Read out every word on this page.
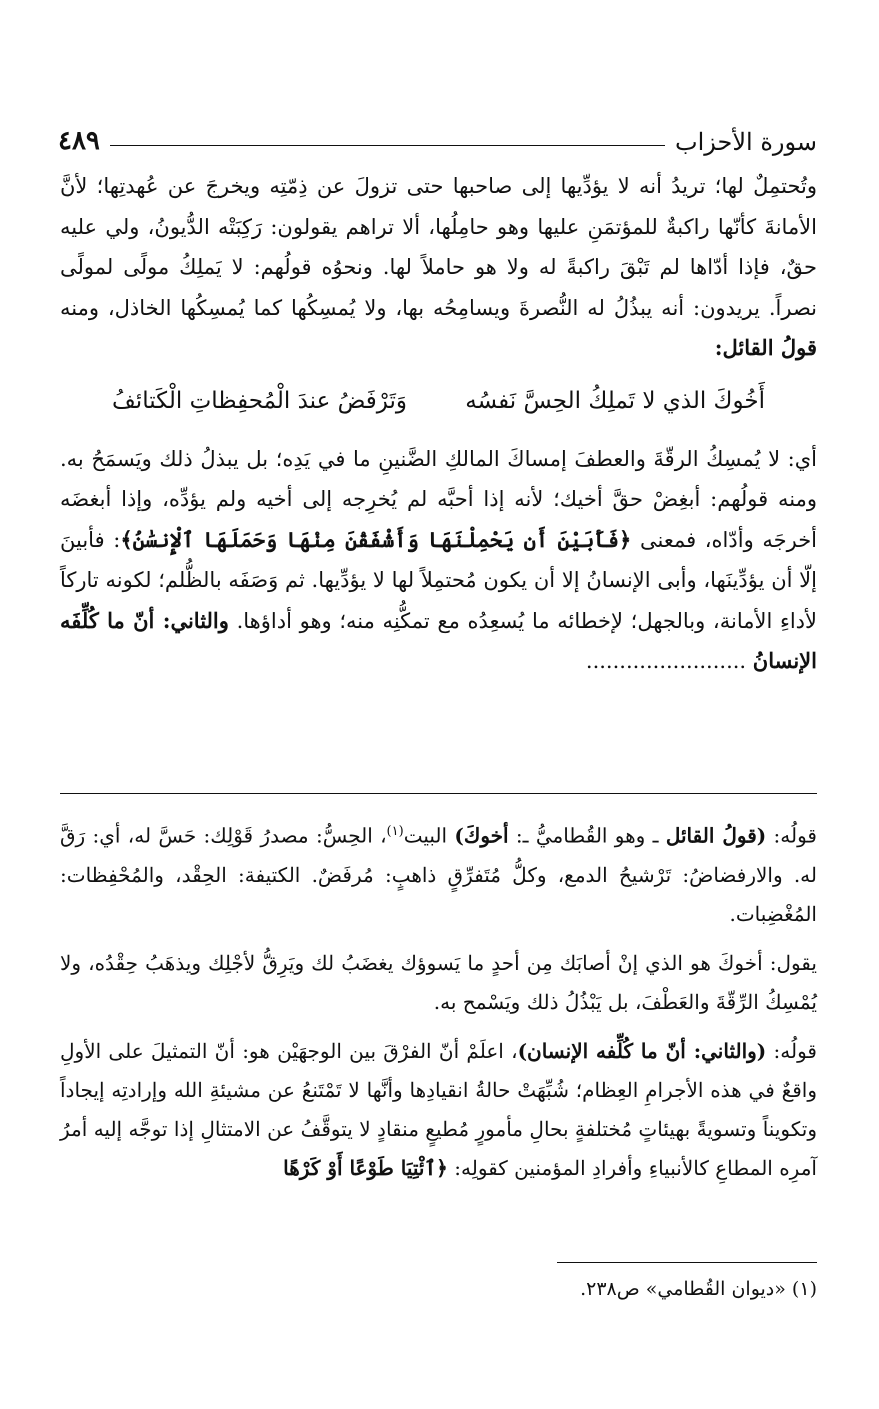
سورة الأحزاب
٤٨٩

وتُحتمِلٌ لها؛ تريدُ أنه لا يؤدِّيها إلى صاحبها حتى تزولَ عن ذِمّتِه ويخرجَ عن عُهدتِها؛ لأنَّ الأمانةَ كأنّها راكبةٌ للمؤتمَنِ عليها وهو حامِلُها، ألا تراهم يقولون: رَكِبَتْه الدُّيونُ، ولي عليه حقٌ، فإذا أدّاها لم تَبْقَ راكبةً له ولا هو حاملاً لها. ونحوُه قولُهم: لا يَملِكُ مولًى لمولًى نصراً. يريدون: أنه يبذُلُ له النُّصرةَ ويسامِحُه بها، ولا يُمسِكُها كما يُمسِكُها الخاذل، ومنه قولُ القائل:

أَخُوكَ الذي لا تَملِكُ الحِسَّ نَفسُه
وَتَرْفَضُ عندَ الْمُحفِظاتِ الْكَتائفُ

أي: لا يُمسِكُ الرقّةَ والعطفَ إمساكَ المالكِ الضَّنينِ ما في يَدِه؛ بل يبذلُ ذلك ويَسمَحُ به. ومنه قولُهم: أبغِضْ حقَّ أخيك؛ لأنه إذا أحبَّه لم يُخرِجه إلى أخيه ولم يؤدِّه، وإذا أبغضَه أخرجَه وأدّاه، فمعنى ﴿فَأَبَيْنَ أَن يَحْمِلْنَهَا وَأَشْفَقْنَ مِنْهَا وَحَمَلَهَا ٱلْإِنسَٰنُ﴾: فأبينَ إلّا أن يؤدِّينَها، وأبى الإنسانُ إلا أن يكون مُحتمِلاً لها لا يؤدِّيها. ثم وَصَفَه بالظُّلم؛ لكونه تاركاً لأداءِ الأمانة، وبالجهل؛ لإخطائه ما يُسعِدُه مع تمكُّنِه منه؛ وهو أداؤها. والثاني: أنّ ما كُلِّفَه الإنسانُ ........................

قولُه: (قولُ القائل ـ وهو القُطاميُّ ـ: أخوكَ) البيت$^{(١)}$، الحِسُّ: مصدرُ قَوْلِك: حَسَّ له، أي: رَقَّ له. والارفضاضُ: تَرْشيحُ الدمع، وكلُّ مُتَفرِّقٍ ذاهبٍ: مُرفَضٌ. الكتيفة: الحِقْد، والمُحْفِظات: المُغْضِبات.

يقول: أخوكَ هو الذي إنْ أصابَك مِن أحدٍ ما يَسوؤك يغضَبُ لك ويَرِقُّ لأجْلِك ويذهَبُ حِقْدُه، ولا يُمْسِكُ الرِّقّةَ والعَطْفَ، بل يَبْذُلُ ذلك ويَسْمح به.

قولُه: (والثاني: أنّ ما كُلِّفه الإنسان)، اعلَمْ أنّ الفرْقَ بين الوجهَيْن هو: أنّ التمثيلَ على الأولِ واقعٌ في هذه الأجرامِ العِظام؛ شُبِّهَتْ حالةُ انقيادِها وأنَّها لا تَمْتَنعُ عن مشيئةِ الله وإرادتِه إيجاداً وتكويناً وتسويةً بهيئاتٍ مُختلفةٍ بحالِ مأمورٍ مُطيعٍ منقادٍ لا يتوقَّفُ عن الامتثالِ إذا توجَّه إليه أمرُ آمرِه المطاعِ كالأنبياءِ وأفرادِ المؤمنين كقولِه: ﴿ٱئْتِيَا طَوْعًا أَوْ كَرْهًا

(١) «ديوان القُطامي» ص٢٣٨.
